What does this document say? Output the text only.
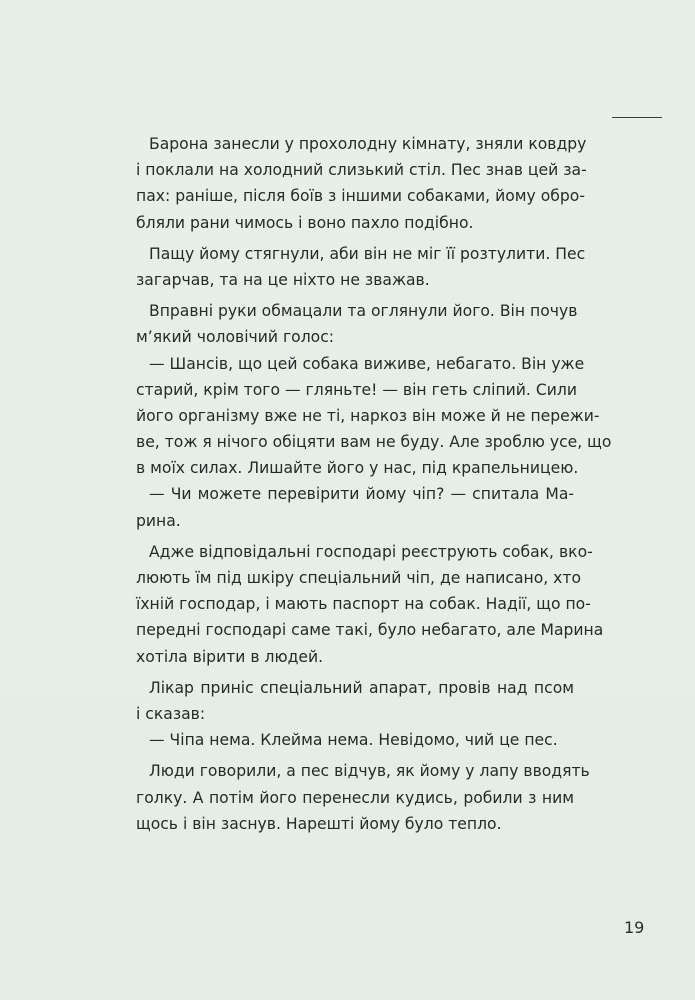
Барона занесли у прохолодну кімнату, зняли ковдру
і поклали на холодний слизький стіл. Пес знав цей за-
пах: раніше, після боїв з іншими собаками, йому обро-
бляли рани чимось і воно пахло подібно.
Пащу йому стягнули, аби він не міг її розтулити. Пес
загарчав, та на це ніхто не зважав.
Вправні руки обмацали та оглянули його. Він почув
м’який чоловічий голос:
— Шансів, що цей собака виживе, небагато. Він уже
старий, крім того — гляньте! — він геть сліпий. Сили
його організму вже не ті, наркоз він може й не пережи-
ве, тож я нічого обіцяти вам не буду. Але зроблю усе, що
в моїх силах. Лишайте його у нас, під крапельницею.
— Чи можете перевірити йому чіп? — спитала Ма-
рина.
Адже відповідальні господарі реєструють собак, вко-
люють їм під шкіру спеціальний чіп, де написано, хто
їхній господар, і мають паспорт на собак. Надії, що по-
передні господарі саме такі, було небагато, але Марина
хотіла вірити в людей.
Лікар приніс спеціальний апарат, провів над псом
і сказав:
— Чіпа нема. Клейма нема. Невідомо, чий це пес.
Люди говорили, а пес відчув, як йому у лапу вводять
голку. А потім його перенесли кудись, робили з ним
щось і він заснув. Нарешті йому було тепло.
19
